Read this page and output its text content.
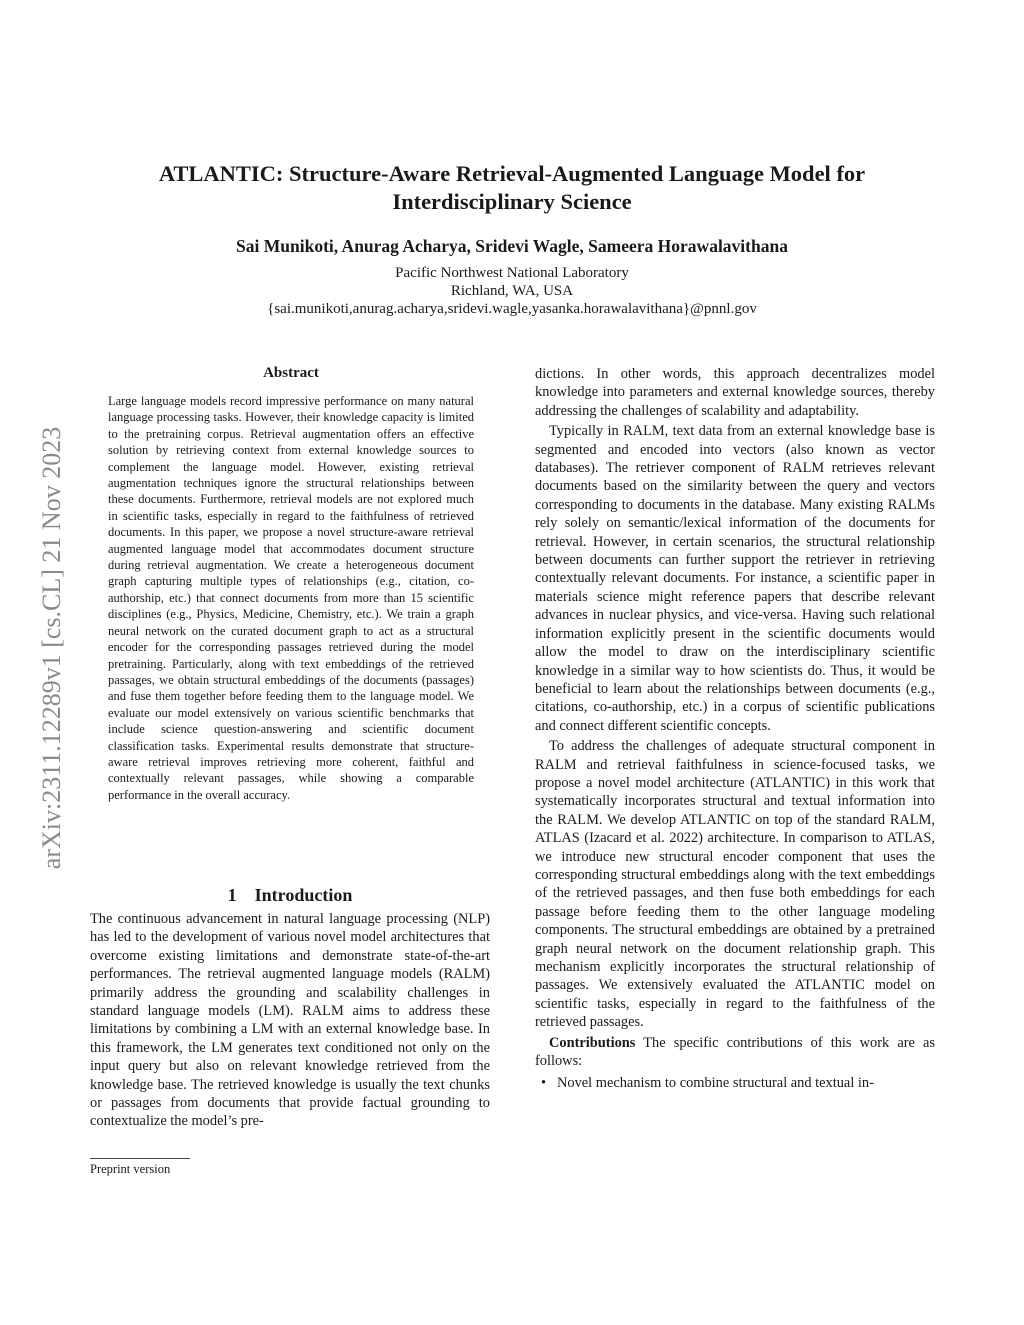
ATLANTIC: Structure-Aware Retrieval-Augmented Language Model for
Interdisciplinary Science
Sai Munikoti, Anurag Acharya, Sridevi Wagle, Sameera Horawalavithana
Pacific Northwest National Laboratory
Richland, WA, USA
{sai.munikoti,anurag.acharya,sridevi.wagle,yasanka.horawalavithana}@pnnl.gov
arXiv:2311.12289v1 [cs.CL] 21 Nov 2023
Abstract

Large language models record impressive performance on many natural language processing tasks. However, their knowledge capacity is limited to the pretraining corpus. Retrieval augmentation offers an effective solution by retrieving context from external knowledge sources to complement the language model. However, existing retrieval augmentation techniques ignore the structural relationships between these documents. Furthermore, retrieval models are not explored much in scientific tasks, especially in regard to the faithfulness of retrieved documents. In this paper, we propose a novel structure-aware retrieval augmented language model that accommodates document structure during retrieval augmentation. We create a heterogeneous document graph capturing multiple types of relationships (e.g., citation, co-authorship, etc.) that connect documents from more than 15 scientific disciplines (e.g., Physics, Medicine, Chemistry, etc.). We train a graph neural network on the curated document graph to act as a structural encoder for the corresponding passages retrieved during the model pretraining. Particularly, along with text embeddings of the retrieved passages, we obtain structural embeddings of the documents (passages) and fuse them together before feeding them to the language model. We evaluate our model extensively on various scientific benchmarks that include science question-answering and scientific document classification tasks. Experimental results demonstrate that structure-aware retrieval improves retrieving more coherent, faithful and contextually relevant passages, while showing a comparable performance in the overall accuracy.

1 Introduction

The continuous advancement in natural language processing (NLP) has led to the development of various novel model architectures that overcome existing limitations and demonstrate state-of-the-art performances. The retrieval augmented language models (RALM) primarily address the grounding and scalability challenges in standard language models (LM). RALM aims to address these limitations by combining a LM with an external knowledge base. In this framework, the LM generates text conditioned not only on the input query but also on relevant knowledge retrieved from the knowledge base. The retrieved knowledge is usually the text chunks or passages from documents that provide factual grounding to contextualize the model’s pre-

Preprint version

dictions. In other words, this approach decentralizes model knowledge into parameters and external knowledge sources, thereby addressing the challenges of scalability and adaptability.

Typically in RALM, text data from an external knowledge base is segmented and encoded into vectors (also known as vector databases). The retriever component of RALM retrieves relevant documents based on the similarity between the query and vectors corresponding to documents in the database. Many existing RALMs rely solely on semantic/lexical information of the documents for retrieval. However, in certain scenarios, the structural relationship between documents can further support the retriever in retrieving contextually relevant documents. For instance, a scientific paper in materials science might reference papers that describe relevant advances in nuclear physics, and vice-versa. Having such relational information explicitly present in the scientific documents would allow the model to draw on the interdisciplinary scientific knowledge in a similar way to how scientists do. Thus, it would be beneficial to learn about the relationships between documents (e.g., citations, co-authorship, etc.) in a corpus of scientific publications and connect different scientific concepts.

To address the challenges of adequate structural component in RALM and retrieval faithfulness in science-focused tasks, we propose a novel model architecture (ATLANTIC) in this work that systematically incorporates structural and textual information into the RALM. We develop ATLANTIC on top of the standard RALM, ATLAS (Izacard et al. 2022) architecture. In comparison to ATLAS, we introduce new structural encoder component that uses the corresponding structural embeddings along with the text embeddings of the retrieved passages, and then fuse both embeddings for each passage before feeding them to the other language modeling components. The structural embeddings are obtained by a pretrained graph neural network on the document relationship graph. This mechanism explicitly incorporates the structural relationship of passages. We extensively evaluated the ATLANTIC model on scientific tasks, especially in regard to the faithfulness of the retrieved passages.

Contributions The specific contributions of this work are as follows:

• Novel mechanism to combine structural and textual in-
